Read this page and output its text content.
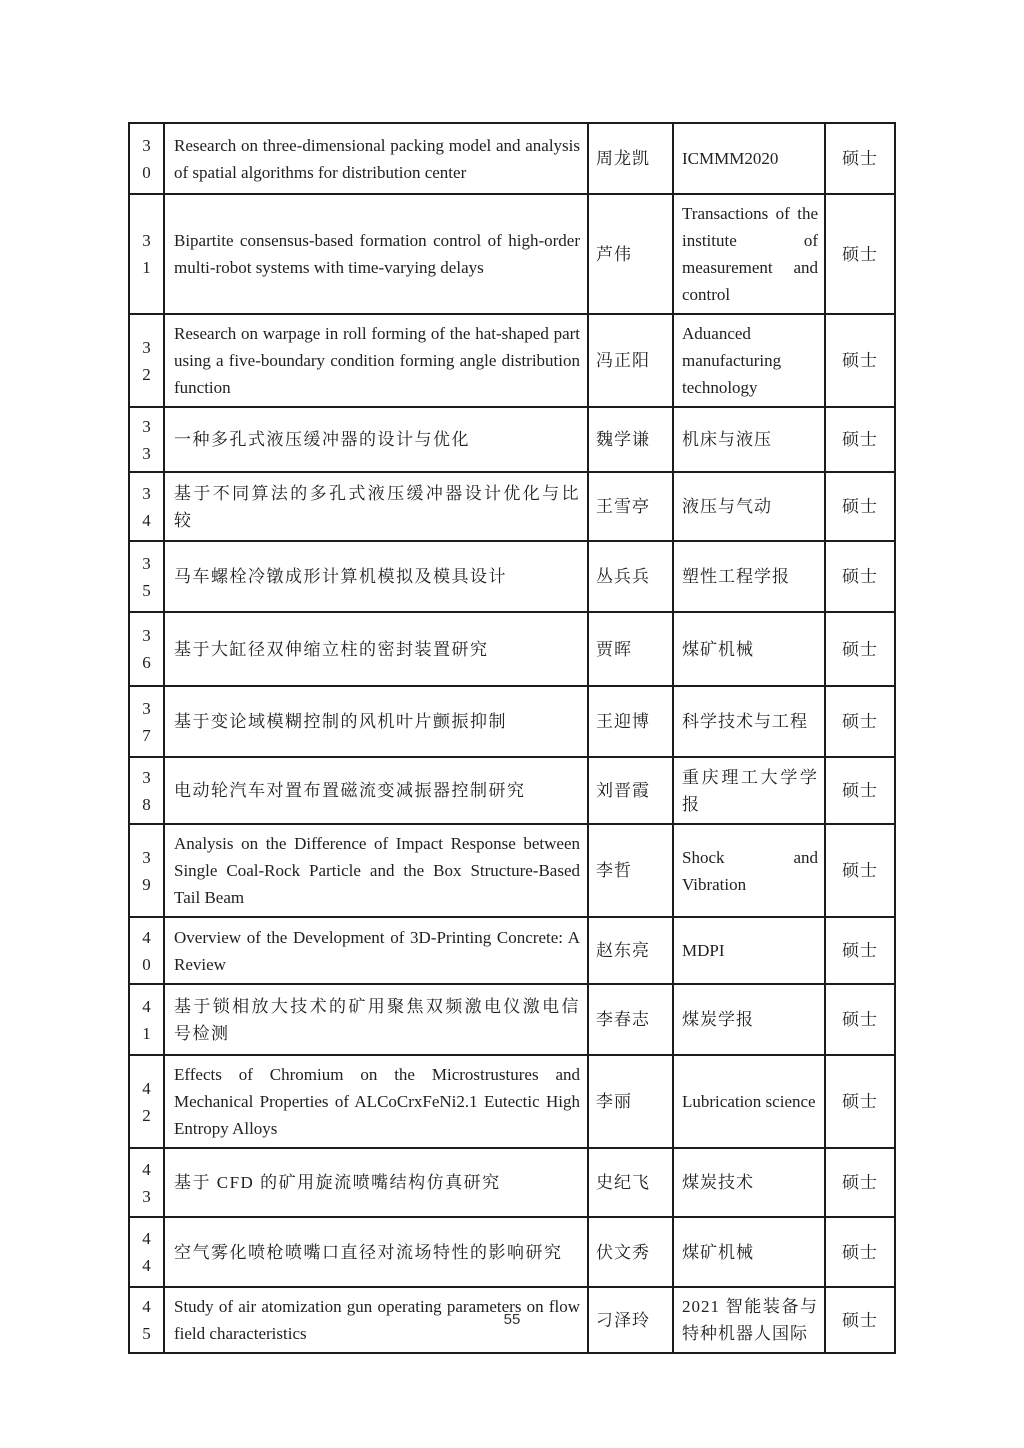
30	Research on three-dimensional packing model and analysis of spatial algorithms for distribution center	周龙凯	ICMMM2020	硕士
31	Bipartite consensus-based formation control of high-order multi-robot systems with time-varying delays	芦伟	Transactions of the institute of measurement and control	硕士
32	Research on warpage in roll forming of the hat-shaped part using a five-boundary condition forming angle distribution function	冯正阳	Aduanced manufacturing technology	硕士
33	一种多孔式液压缓冲器的设计与优化	魏学谦	机床与液压	硕士
34	基于不同算法的多孔式液压缓冲器设计优化与比较	王雪亭	液压与气动	硕士
35	马车螺栓冷镦成形计算机模拟及模具设计	丛兵兵	塑性工程学报	硕士
36	基于大缸径双伸缩立柱的密封装置研究	贾晖	煤矿机械	硕士
37	基于变论域模糊控制的风机叶片颤振抑制	王迎博	科学技术与工程	硕士
38	电动轮汽车对置布置磁流变减振器控制研究	刘晋霞	重庆理工大学学报	硕士
39	Analysis on the Difference of Impact Response between Single Coal-Rock Particle and the Box Structure-Based Tail Beam	李哲	Shock and Vibration	硕士
40	Overview of the Development of 3D-Printing Concrete: A Review	赵东亮	MDPI	硕士
41	基于锁相放大技术的矿用聚焦双频激电仪激电信号检测	李春志	煤炭学报	硕士
42	Effects of Chromium on the Microstrustures and Mechanical Properties of ALCoCrxFeNi2.1 Eutectic High Entropy Alloys	李丽	Lubrication science	硕士
43	基于 CFD 的矿用旋流喷嘴结构仿真研究	史纪飞	煤炭技术	硕士
44	空气雾化喷枪喷嘴口直径对流场特性的影响研究	伏文秀	煤矿机械	硕士
45	Study of air atomization gun operating parameters on flow field characteristics	刁泽玲	2021 智能装备与特种机器人国际	硕士
55
